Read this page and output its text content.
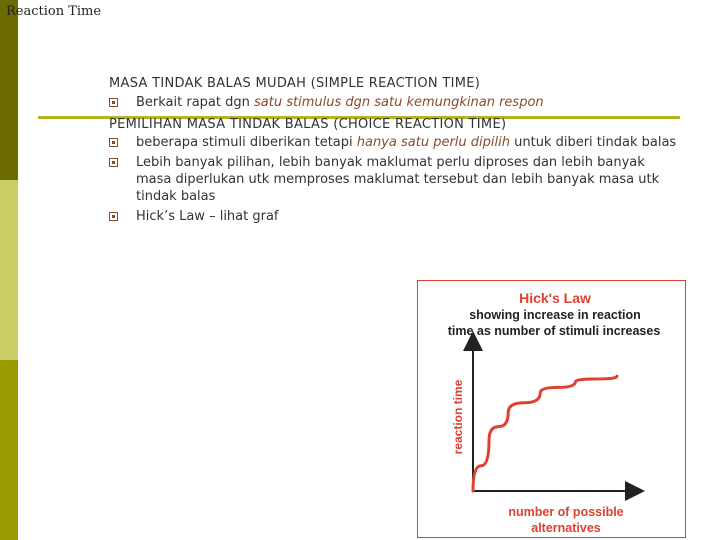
Reaction Time

MASA TINDAK BALAS MUDAH (SIMPLE REACTION TIME)

Berkait rapat dgn satu stimulus dgn satu kemungkinan respon

PEMILIHAN MASA TINDAK BALAS (CHOICE REACTION TIME)

beberapa stimuli diberikan tetapi hanya satu perlu dipilih untuk diberi tindak balas

Lebih banyak pilihan, lebih banyak maklumat perlu diproses dan lebih banyak masa diperlukan utk memproses maklumat tersebut dan lebih banyak masa utk tindak balas

Hick’s Law – lihat graf

Hick's Law
showing increase in reaction
time as number of stimuli increases
reaction time
number of possible
alternatives
